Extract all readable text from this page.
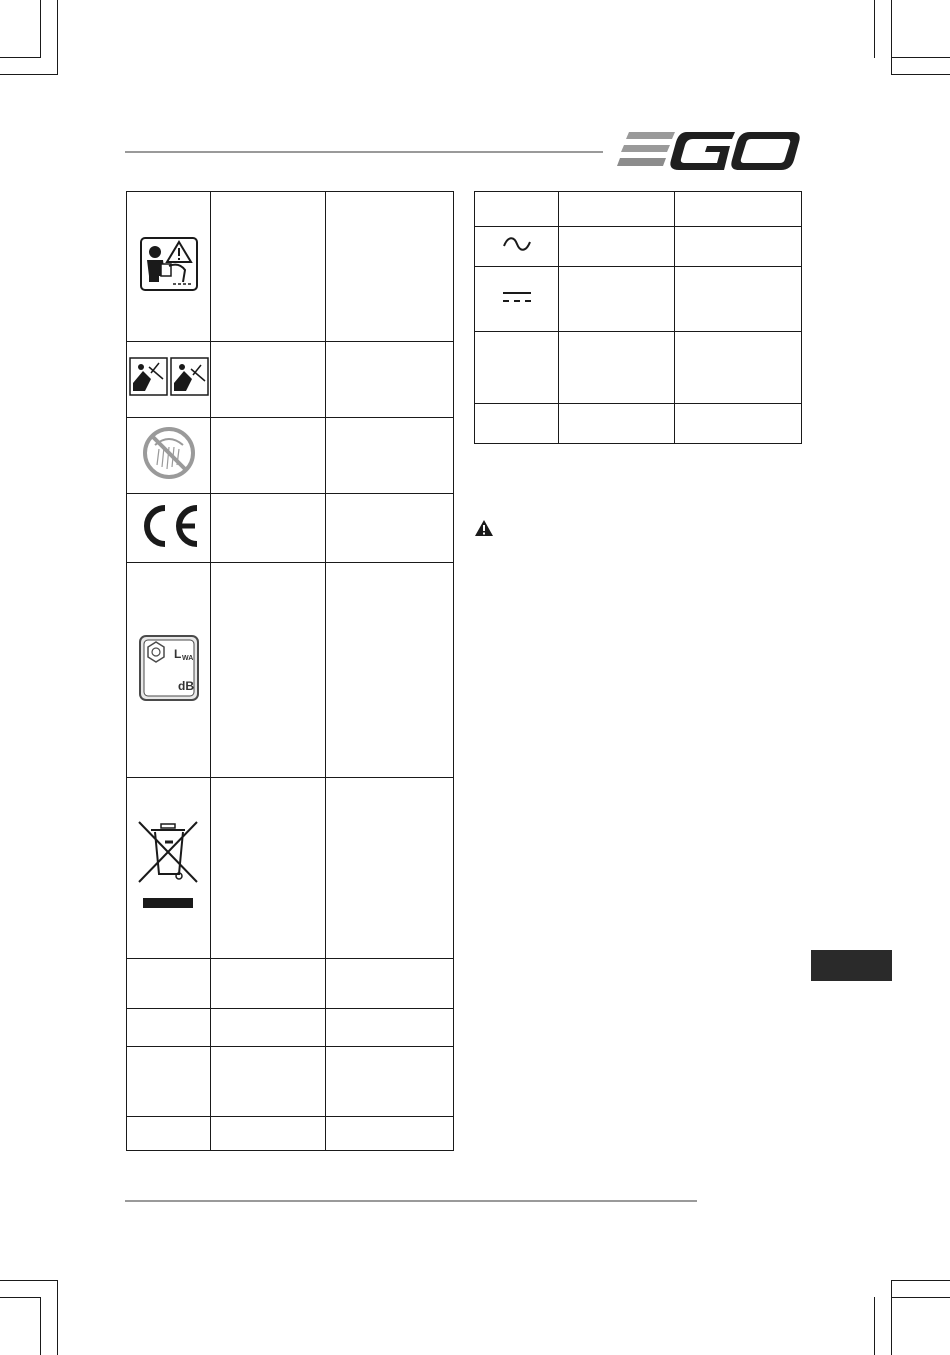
L WA
dB		
